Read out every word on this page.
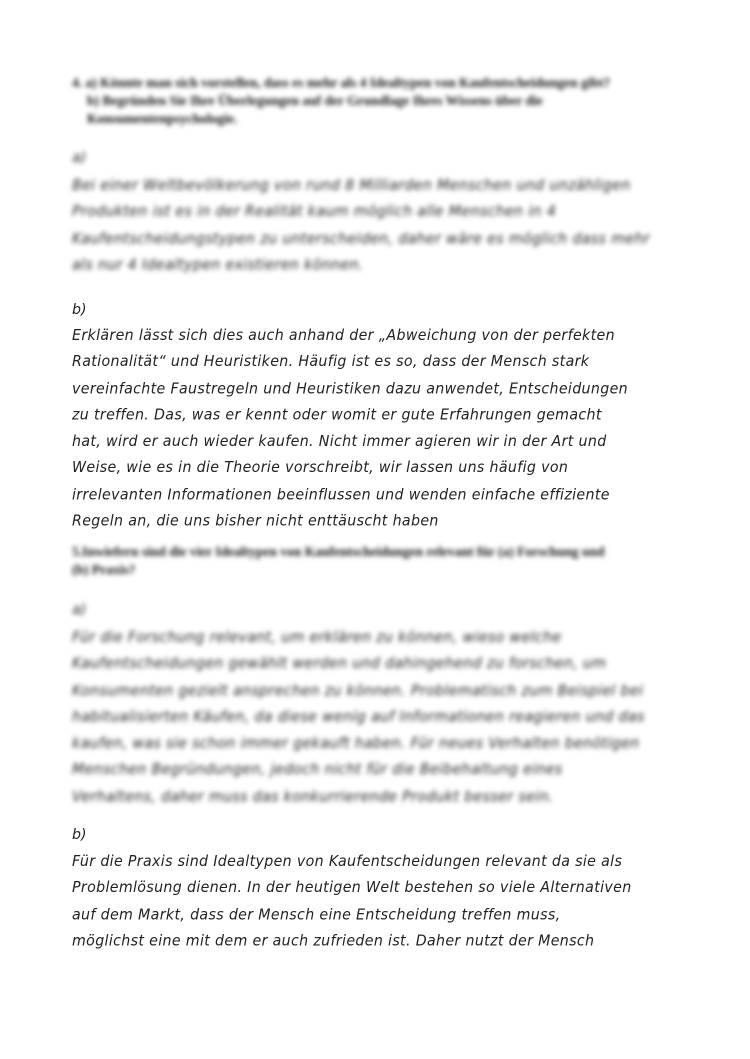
4. a) Könnte man sich vorstellen, dass es mehr als 4 Idealtypen von Kaufentscheidungen gibt?
b) Begründen Sie Ihre Überlegungen auf der Grundlage Ihres Wissens über die
Konsumentenpsychologie.
a)
Bei einer Weltbevölkerung von rund 8 Milliarden Menschen und unzähligen
Produkten ist es in der Realität kaum möglich alle Menschen in 4
Kaufentscheidungstypen zu unterscheiden, daher wäre es möglich dass mehr
als nur 4 Idealtypen existieren können.
b)
Erklären lässt sich dies auch anhand der „Abweichung von der perfekten
Rationalität“ und Heuristiken. Häufig ist es so, dass der Mensch stark
vereinfachte Faustregeln und Heuristiken dazu anwendet, Entscheidungen
zu treffen. Das, was er kennt oder womit er gute Erfahrungen gemacht
hat, wird er auch wieder kaufen. Nicht immer agieren wir in der Art und
Weise, wie es in die Theorie vorschreibt, wir lassen uns häufig von
irrelevanten Informationen beeinflussen und wenden einfache effiziente
Regeln an, die uns bisher nicht enttäuscht haben
5.Inwiefern sind die vier Idealtypen von Kaufentscheidungen relevant für (a) Forschung und
(b) Praxis?
a)
Für die Forschung relevant, um erklären zu können, wieso welche
Kaufentscheidungen gewählt werden und dahingehend zu forschen, um
Konsumenten gezielt ansprechen zu können. Problematisch zum Beispiel bei
habitualisierten Käufen, da diese wenig auf Informationen reagieren und das
kaufen, was sie schon immer gekauft haben. Für neues Verhalten benötigen
Menschen Begründungen, jedoch nicht für die Beibehaltung eines
Verhaltens, daher muss das konkurrierende Produkt besser sein.
b)
Für die Praxis sind Idealtypen von Kaufentscheidungen relevant da sie als
Problemlösung dienen. In der heutigen Welt bestehen so viele Alternativen
auf dem Markt, dass der Mensch eine Entscheidung treffen muss,
möglichst eine mit dem er auch zufrieden ist. Daher nutzt der Mensch
